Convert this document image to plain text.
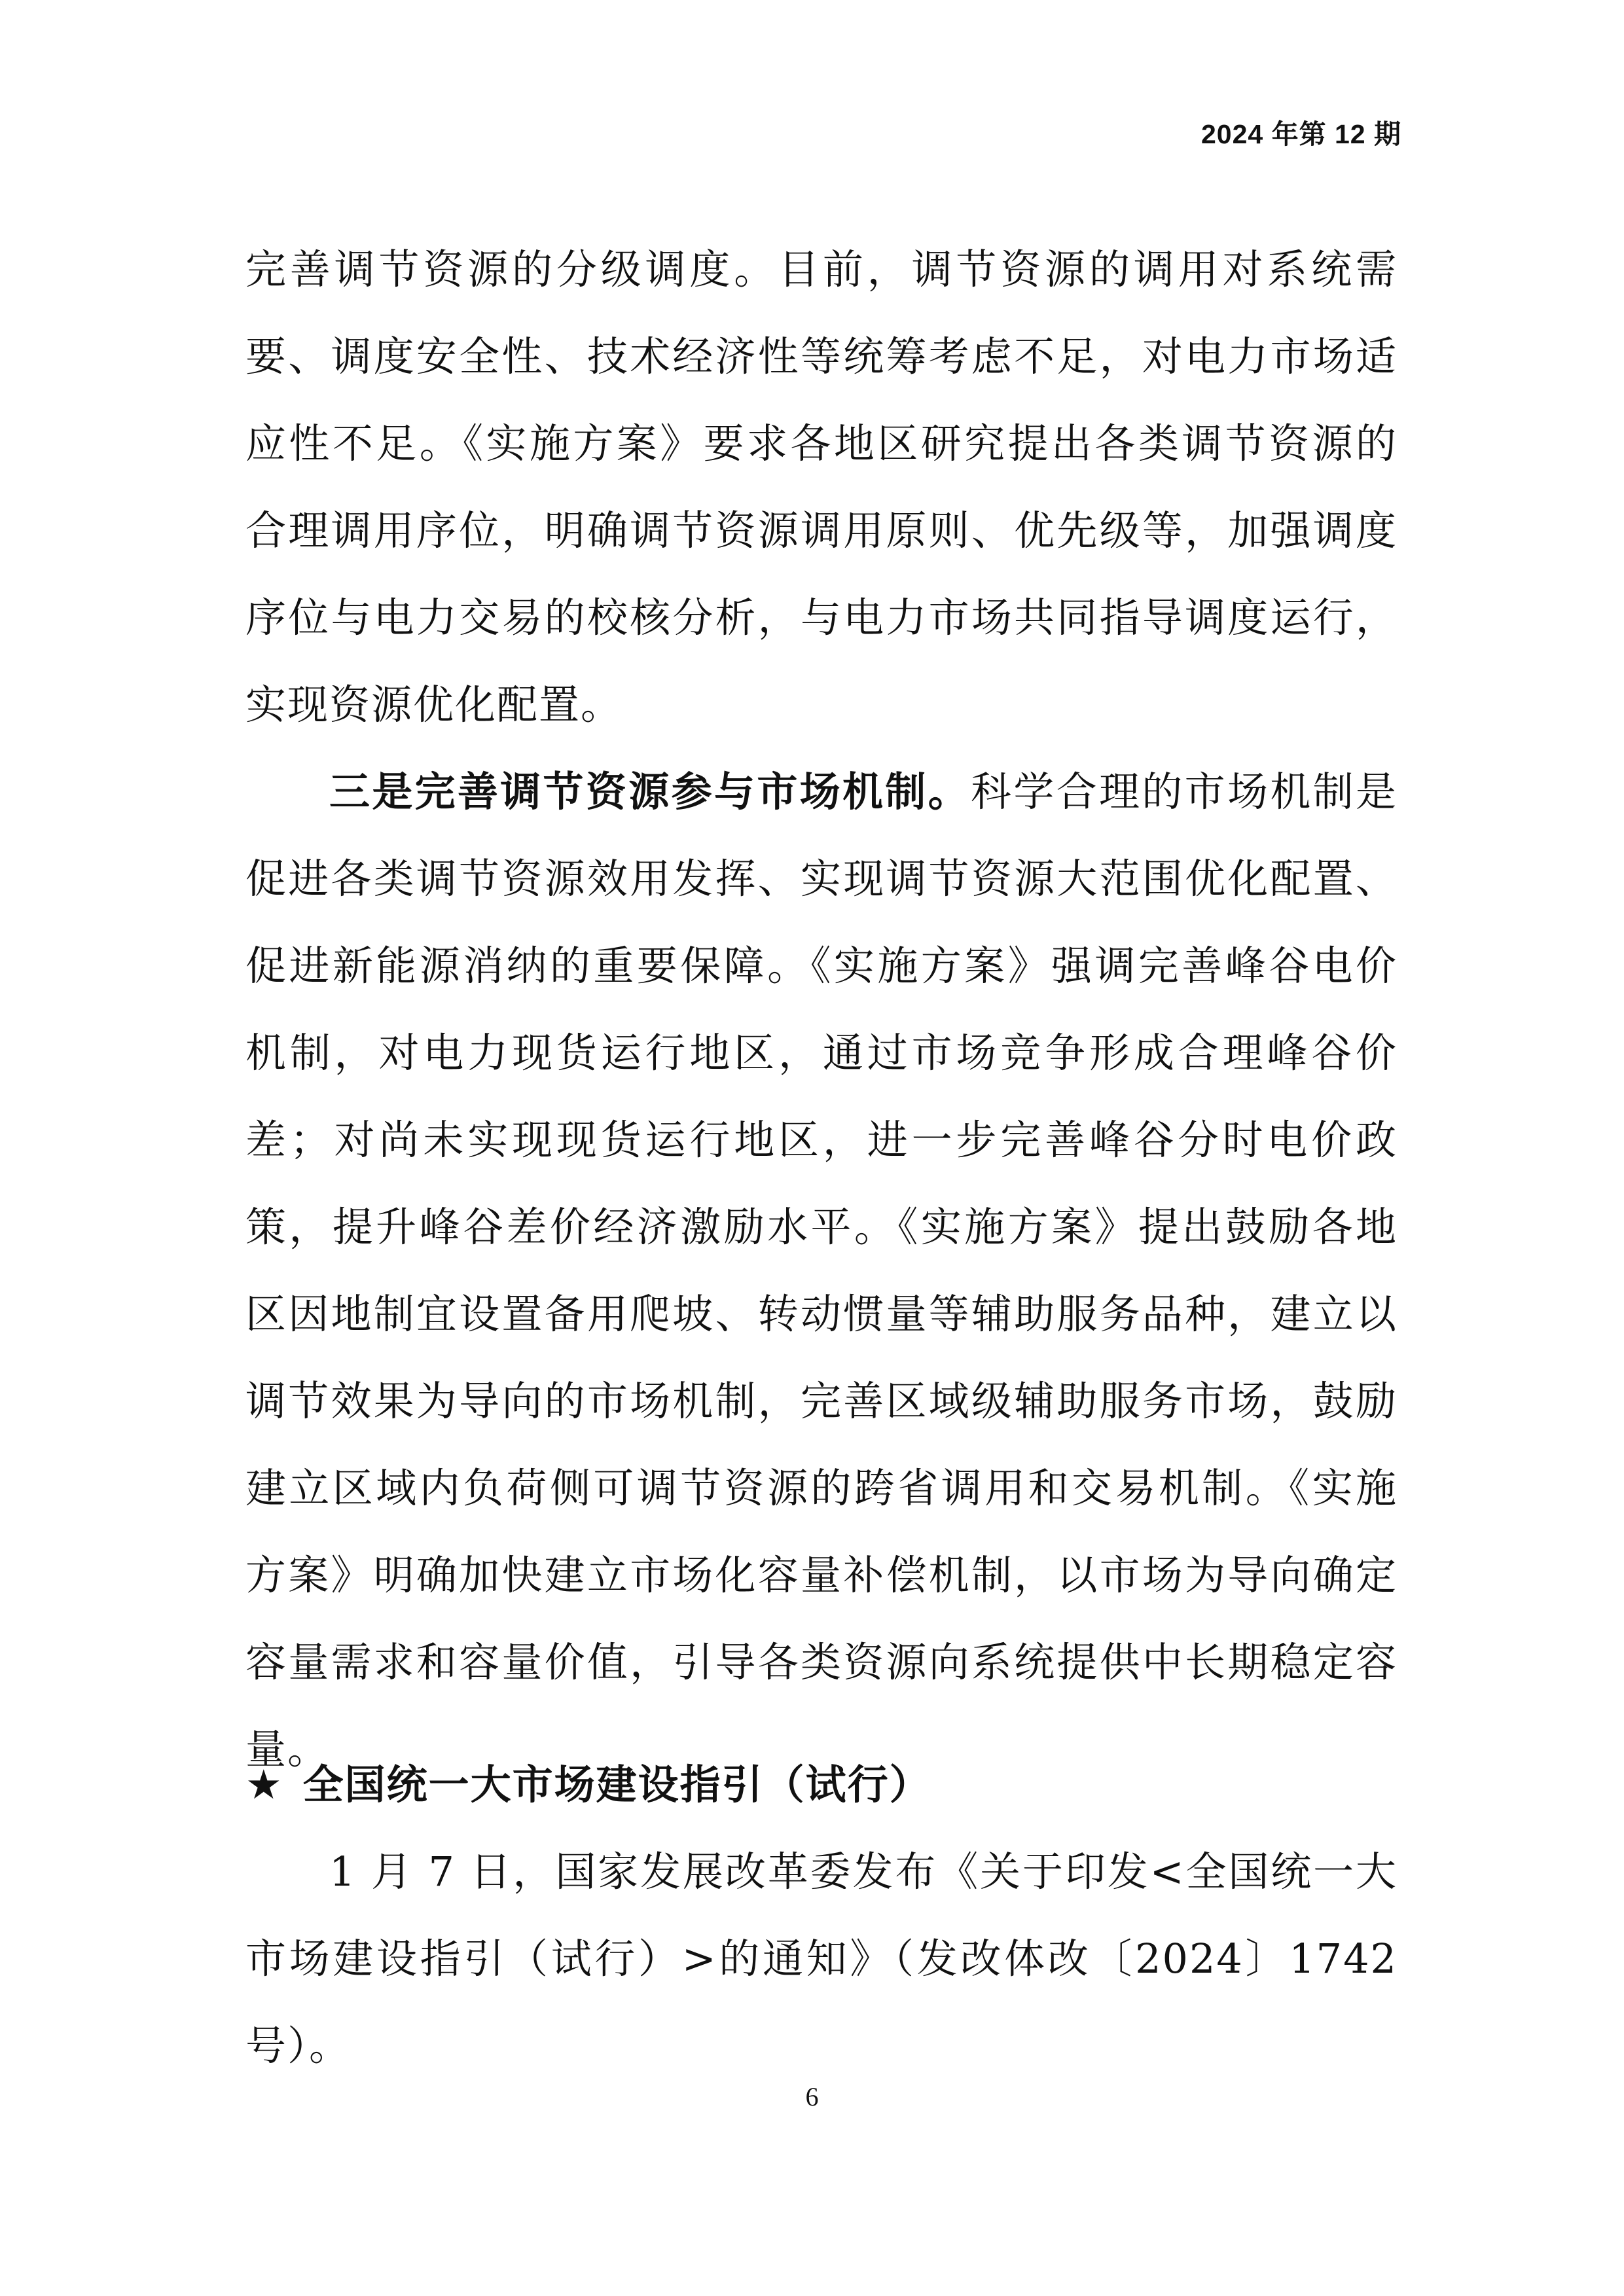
2024 年第 12 期

完善调节资源的分级调度。目前，调节资源的调用对系统需要、调度安全性、技术经济性等统筹考虑不足，对电力市场适应性不足。《实施方案》要求各地区研究提出各类调节资源的合理调用序位，明确调节资源调用原则、优先级等，加强调度序位与电力交易的校核分析，与电力市场共同指导调度运行，实现资源优化配置。

三是完善调节资源参与市场机制。科学合理的市场机制是促进各类调节资源效用发挥、实现调节资源大范围优化配置、促进新能源消纳的重要保障。《实施方案》强调完善峰谷电价机制，对电力现货运行地区，通过市场竞争形成合理峰谷价差；对尚未实现现货运行地区，进一步完善峰谷分时电价政策，提升峰谷差价经济激励水平。《实施方案》提出鼓励各地区因地制宜设置备用爬坡、转动惯量等辅助服务品种，建立以调节效果为导向的市场机制，完善区域级辅助服务市场，鼓励建立区域内负荷侧可调节资源的跨省调用和交易机制。《实施方案》明确加快建立市场化容量补偿机制，以市场为导向确定容量需求和容量价值，引导各类资源向系统提供中长期稳定容量。

★ 全国统一大市场建设指引（试行）

1 月 7 日，国家发展改革委发布《关于印发<全国统一大市场建设指引（试行）>的通知》（发改体改〔2024〕1742 号）。

6
